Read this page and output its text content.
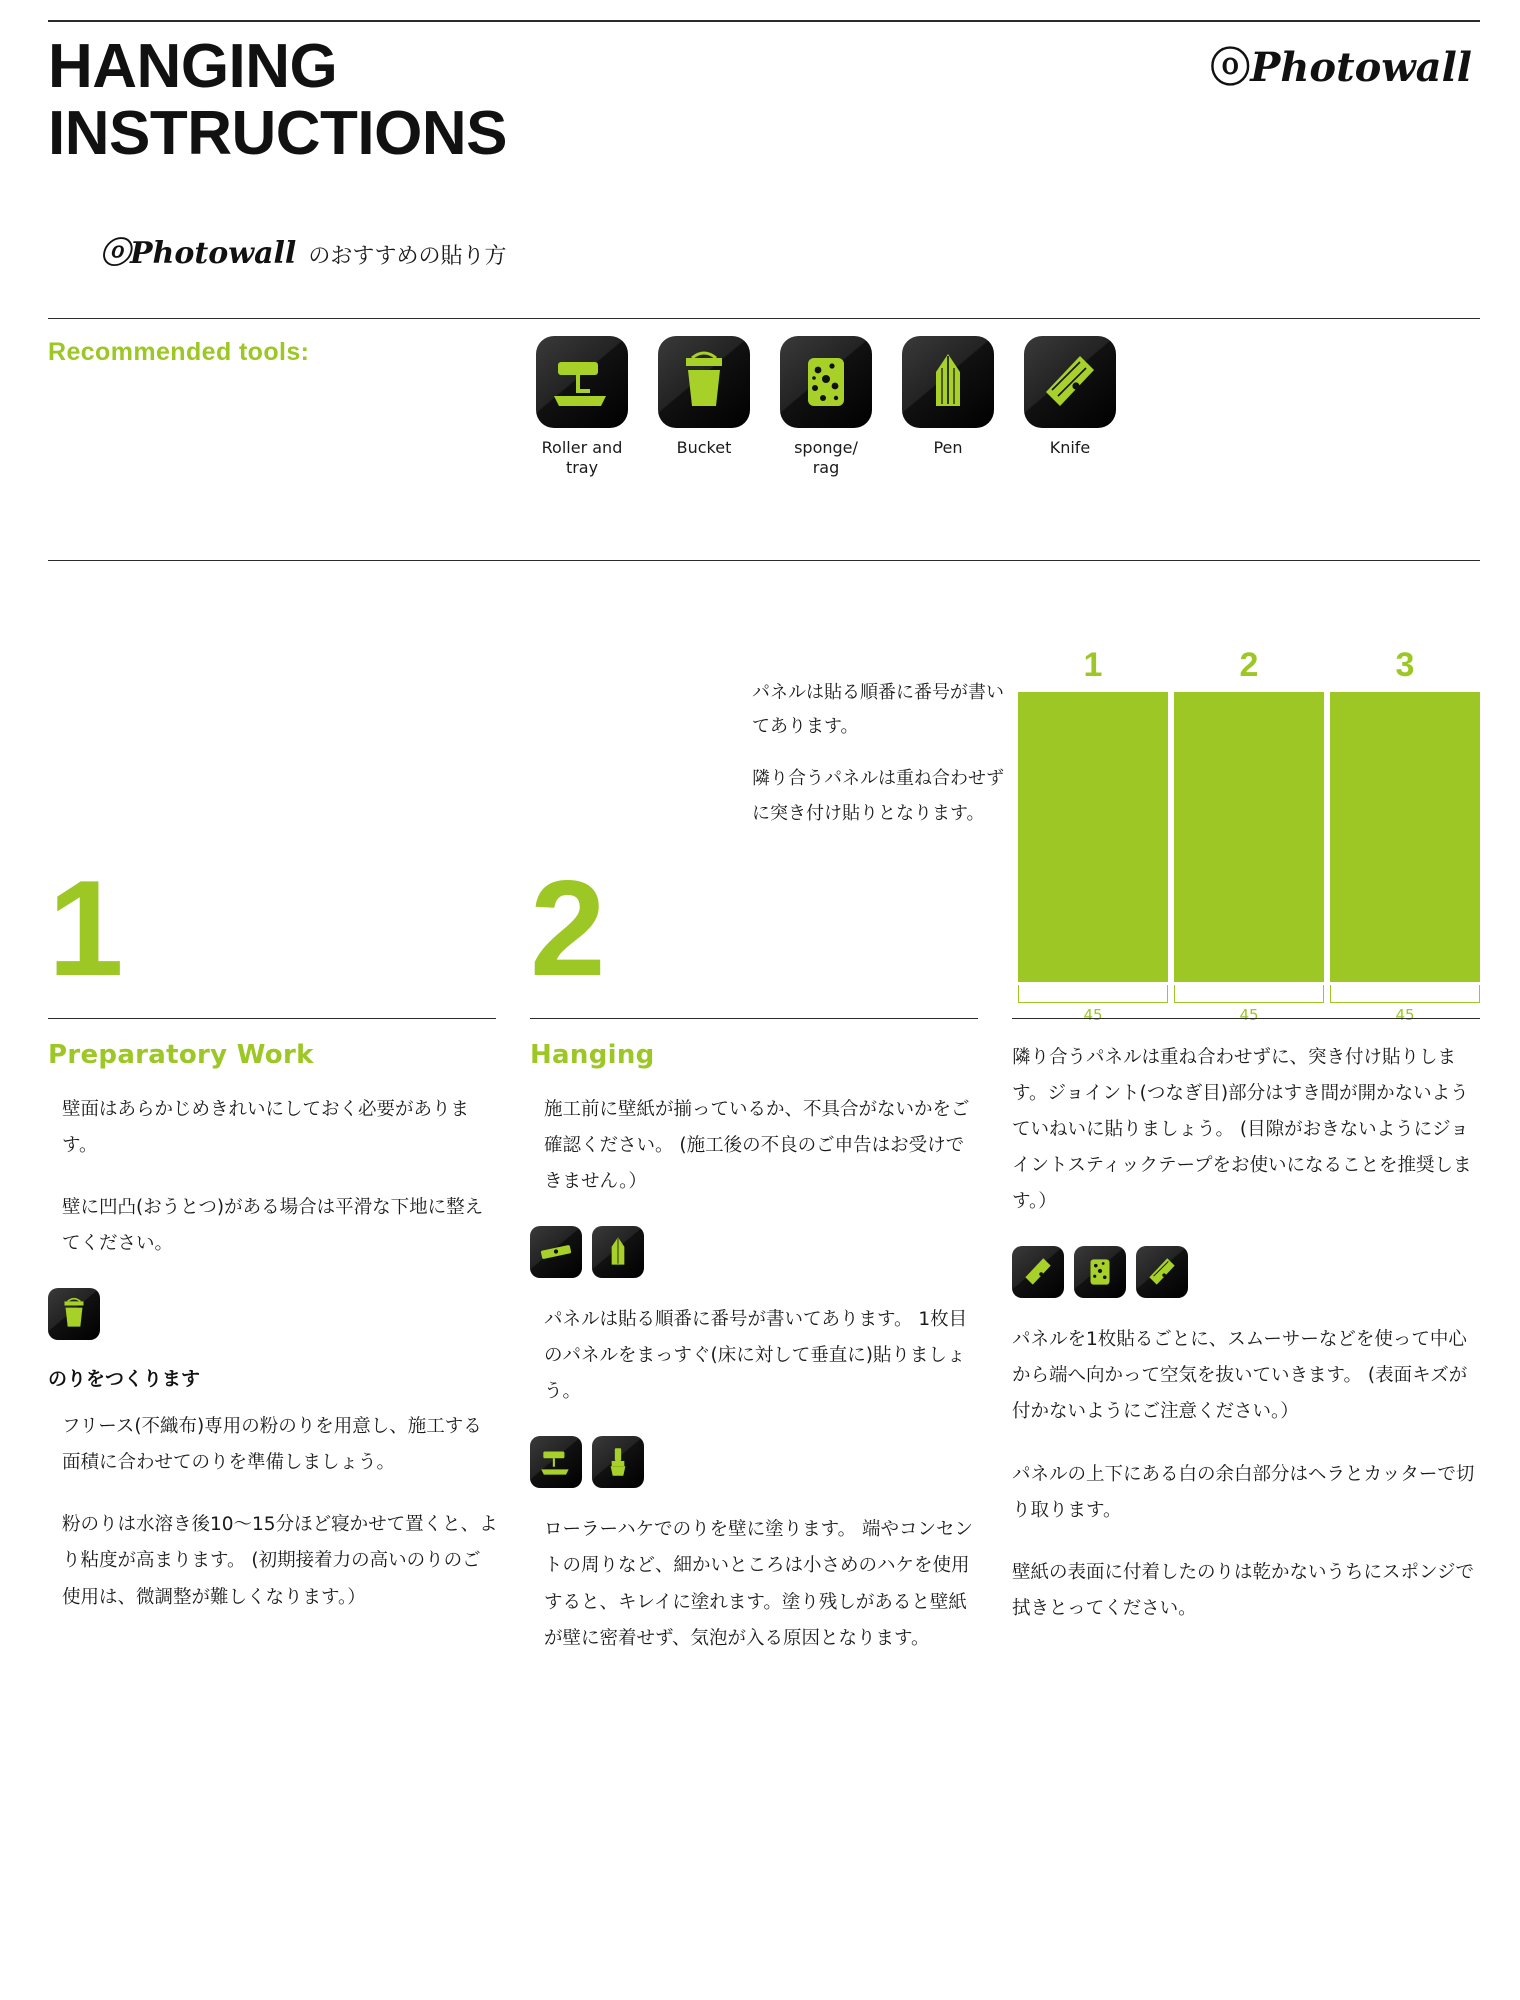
HANGING
INSTRUCTIONS
ⓞPhotowall
ⓞPhotowall のおすすめの貼り方
Recommended tools:
Roller and tray
Bucket	sponge/ rag
Pen	Knife
1	2

パネルは貼る順番に番号が書いてあります。

隣り合うパネルは重ね合わせずに突き付け貼りとなります。

1
45
2
45
3
45
Preparatory Work

壁面はあらかじめきれいにしておく必要があります。

壁に凹凸(おうとつ)がある場合は平滑な下地に整えてください。

のりをつくります

フリース(不織布)専用の粉のりを用意し、施工する面積に合わせてのりを準備しましょう。

粉のりは水溶き後10～15分ほど寝かせて置くと、より粘度が高まります。 (初期接着力の高いのりのご使用は、微調整が難しくなります。）

Hanging

施工前に壁紙が揃っているか、不具合がないかをご確認ください。 (施工後の不良のご申告はお受けできません。）

パネルは貼る順番に番号が書いてあります。 1枚目のパネルをまっすぐ(床に対して垂直に)貼りましょう。

ローラーハケでのりを壁に塗ります。 端やコンセントの周りなど、細かいところは小さめのハケを使用すると、キレイに塗れます。塗り残しがあると壁紙が壁に密着せず、気泡が入る原因となります。

隣り合うパネルは重ね合わせずに、突き付け貼りします。ジョイント(つなぎ目)部分はすき間が開かないようていねいに貼りましょう。 (目隙がおきないようにジョイントスティックテープをお使いになることを推奨します。）

パネルを1枚貼るごとに、スムーサーなどを使って中心から端へ向かって空気を抜いていきます。 (表面キズが付かないようにご注意ください。）

パネルの上下にある白の余白部分はヘラとカッターで切り取ります。

壁紙の表面に付着したのりは乾かないうちにスポンジで拭きとってください。
